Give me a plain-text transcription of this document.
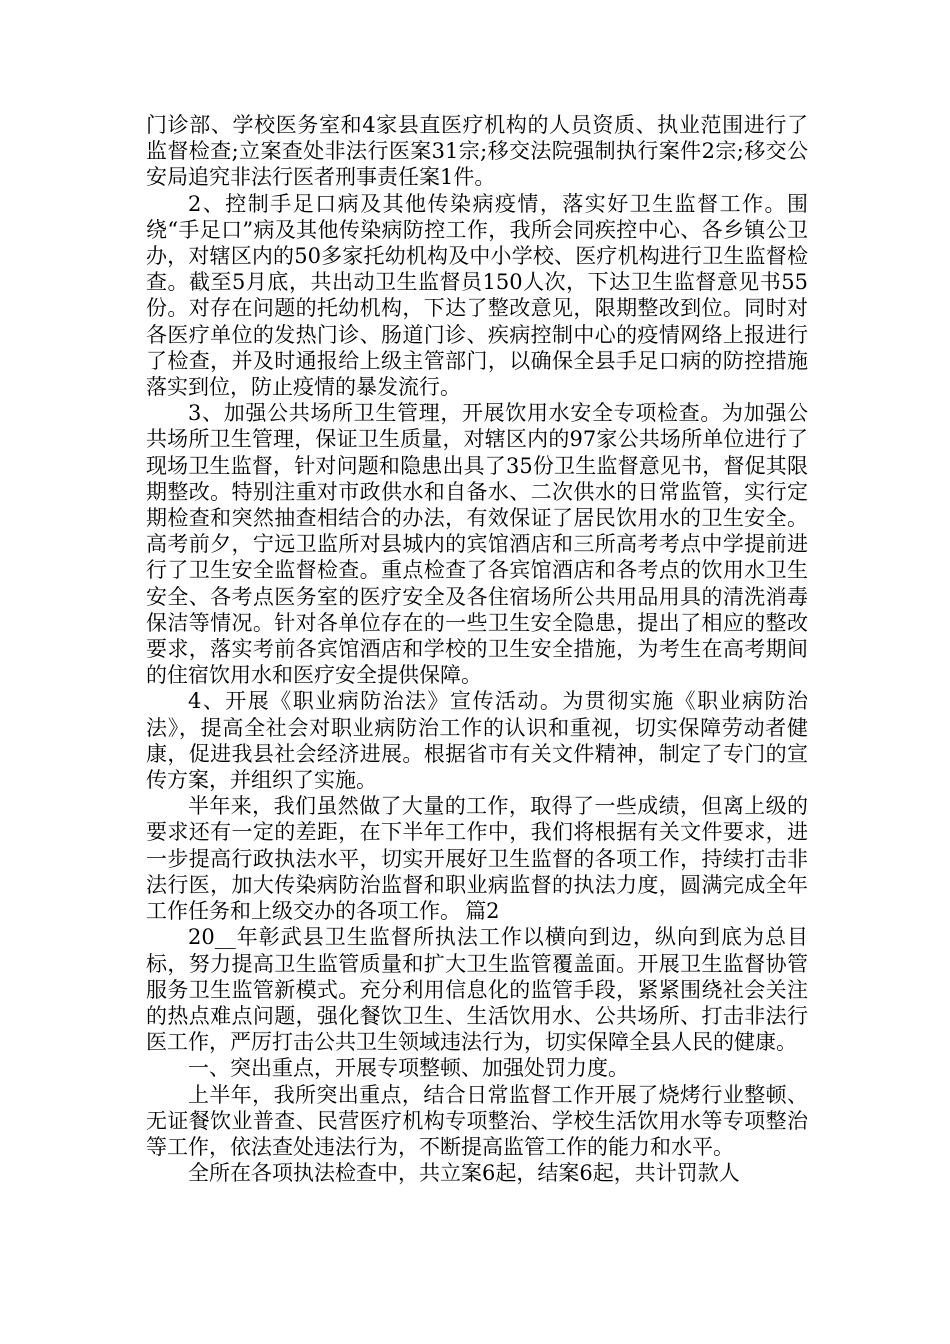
门诊部、学校医务室和4家县直医疗机构的人员资质、执业范围进行了监督检查;立案查处非法行医案31宗;移交法院强制执行案件2宗;移交公安局追究非法行医者刑事责任案1件。

2、控制手足口病及其他传染病疫情，落实好卫生监督工作。围绕“手足口”病及其他传染病防控工作，我所会同疾控中心、各乡镇公卫办，对辖区内的50多家托幼机构及中小学校、医疗机构进行卫生监督检查。截至5月底，共出动卫生监督员150人次，下达卫生监督意见书55份。对存在问题的托幼机构，下达了整改意见，限期整改到位。同时对各医疗单位的发热门诊、肠道门诊、疾病控制中心的疫情网络上报进行了检查，并及时通报给上级主管部门，以确保全县手足口病的防控措施落实到位，防止疫情的暴发流行。

3、加强公共场所卫生管理，开展饮用水安全专项检查。为加强公共场所卫生管理，保证卫生质量，对辖区内的97家公共场所单位进行了现场卫生监督，针对问题和隐患出具了35份卫生监督意见书，督促其限期整改。特别注重对市政供水和自备水、二次供水的日常监管，实行定期检查和突然抽查相结合的办法，有效保证了居民饮用水的卫生安全。高考前夕，宁远卫监所对县城内的宾馆酒店和三所高考考点中学提前进行了卫生安全监督检查。重点检查了各宾馆酒店和各考点的饮用水卫生安全、各考点医务室的医疗安全及各住宿场所公共用品用具的清洗消毒保洁等情况。针对各单位存在的一些卫生安全隐患，提出了相应的整改要求，落实考前各宾馆酒店和学校的卫生安全措施，为考生在高考期间的住宿饮用水和医疗安全提供保障。

4、开展《职业病防治法》宣传活动。为贯彻实施《职业病防治法》，提高全社会对职业病防治工作的认识和重视，切实保障劳动者健康，促进我县社会经济进展。根据省市有关文件精神，制定了专门的宣传方案，并组织了实施。

半年来，我们虽然做了大量的工作，取得了一些成绩，但离上级的要求还有一定的差距，在下半年工作中，我们将根据有关文件要求，进一步提高行政执法水平，切实开展好卫生监督的各项工作，持续打击非法行医，加大传染病防治监督和职业病监督的执法力度，圆满完成全年工作任务和上级交办的各项工作。 篇2

20__年彰武县卫生监督所执法工作以横向到边，纵向到底为总目标，努力提高卫生监管质量和扩大卫生监管覆盖面。开展卫生监督协管服务卫生监管新模式。充分利用信息化的监管手段，紧紧围绕社会关注的热点难点问题，强化餐饮卫生、生活饮用水、公共场所、打击非法行医工作，严厉打击公共卫生领域违法行为，切实保障全县人民的健康。

一、突出重点，开展专项整顿、加强处罚力度。

上半年，我所突出重点，结合日常监督工作开展了烧烤行业整顿、无证餐饮业普查、民营医疗机构专项整治、学校生活饮用水等专项整治等工作，依法查处违法行为，不断提高监管工作的能力和水平。

全所在各项执法检查中，共立案6起，结案6起，共计罚款人
